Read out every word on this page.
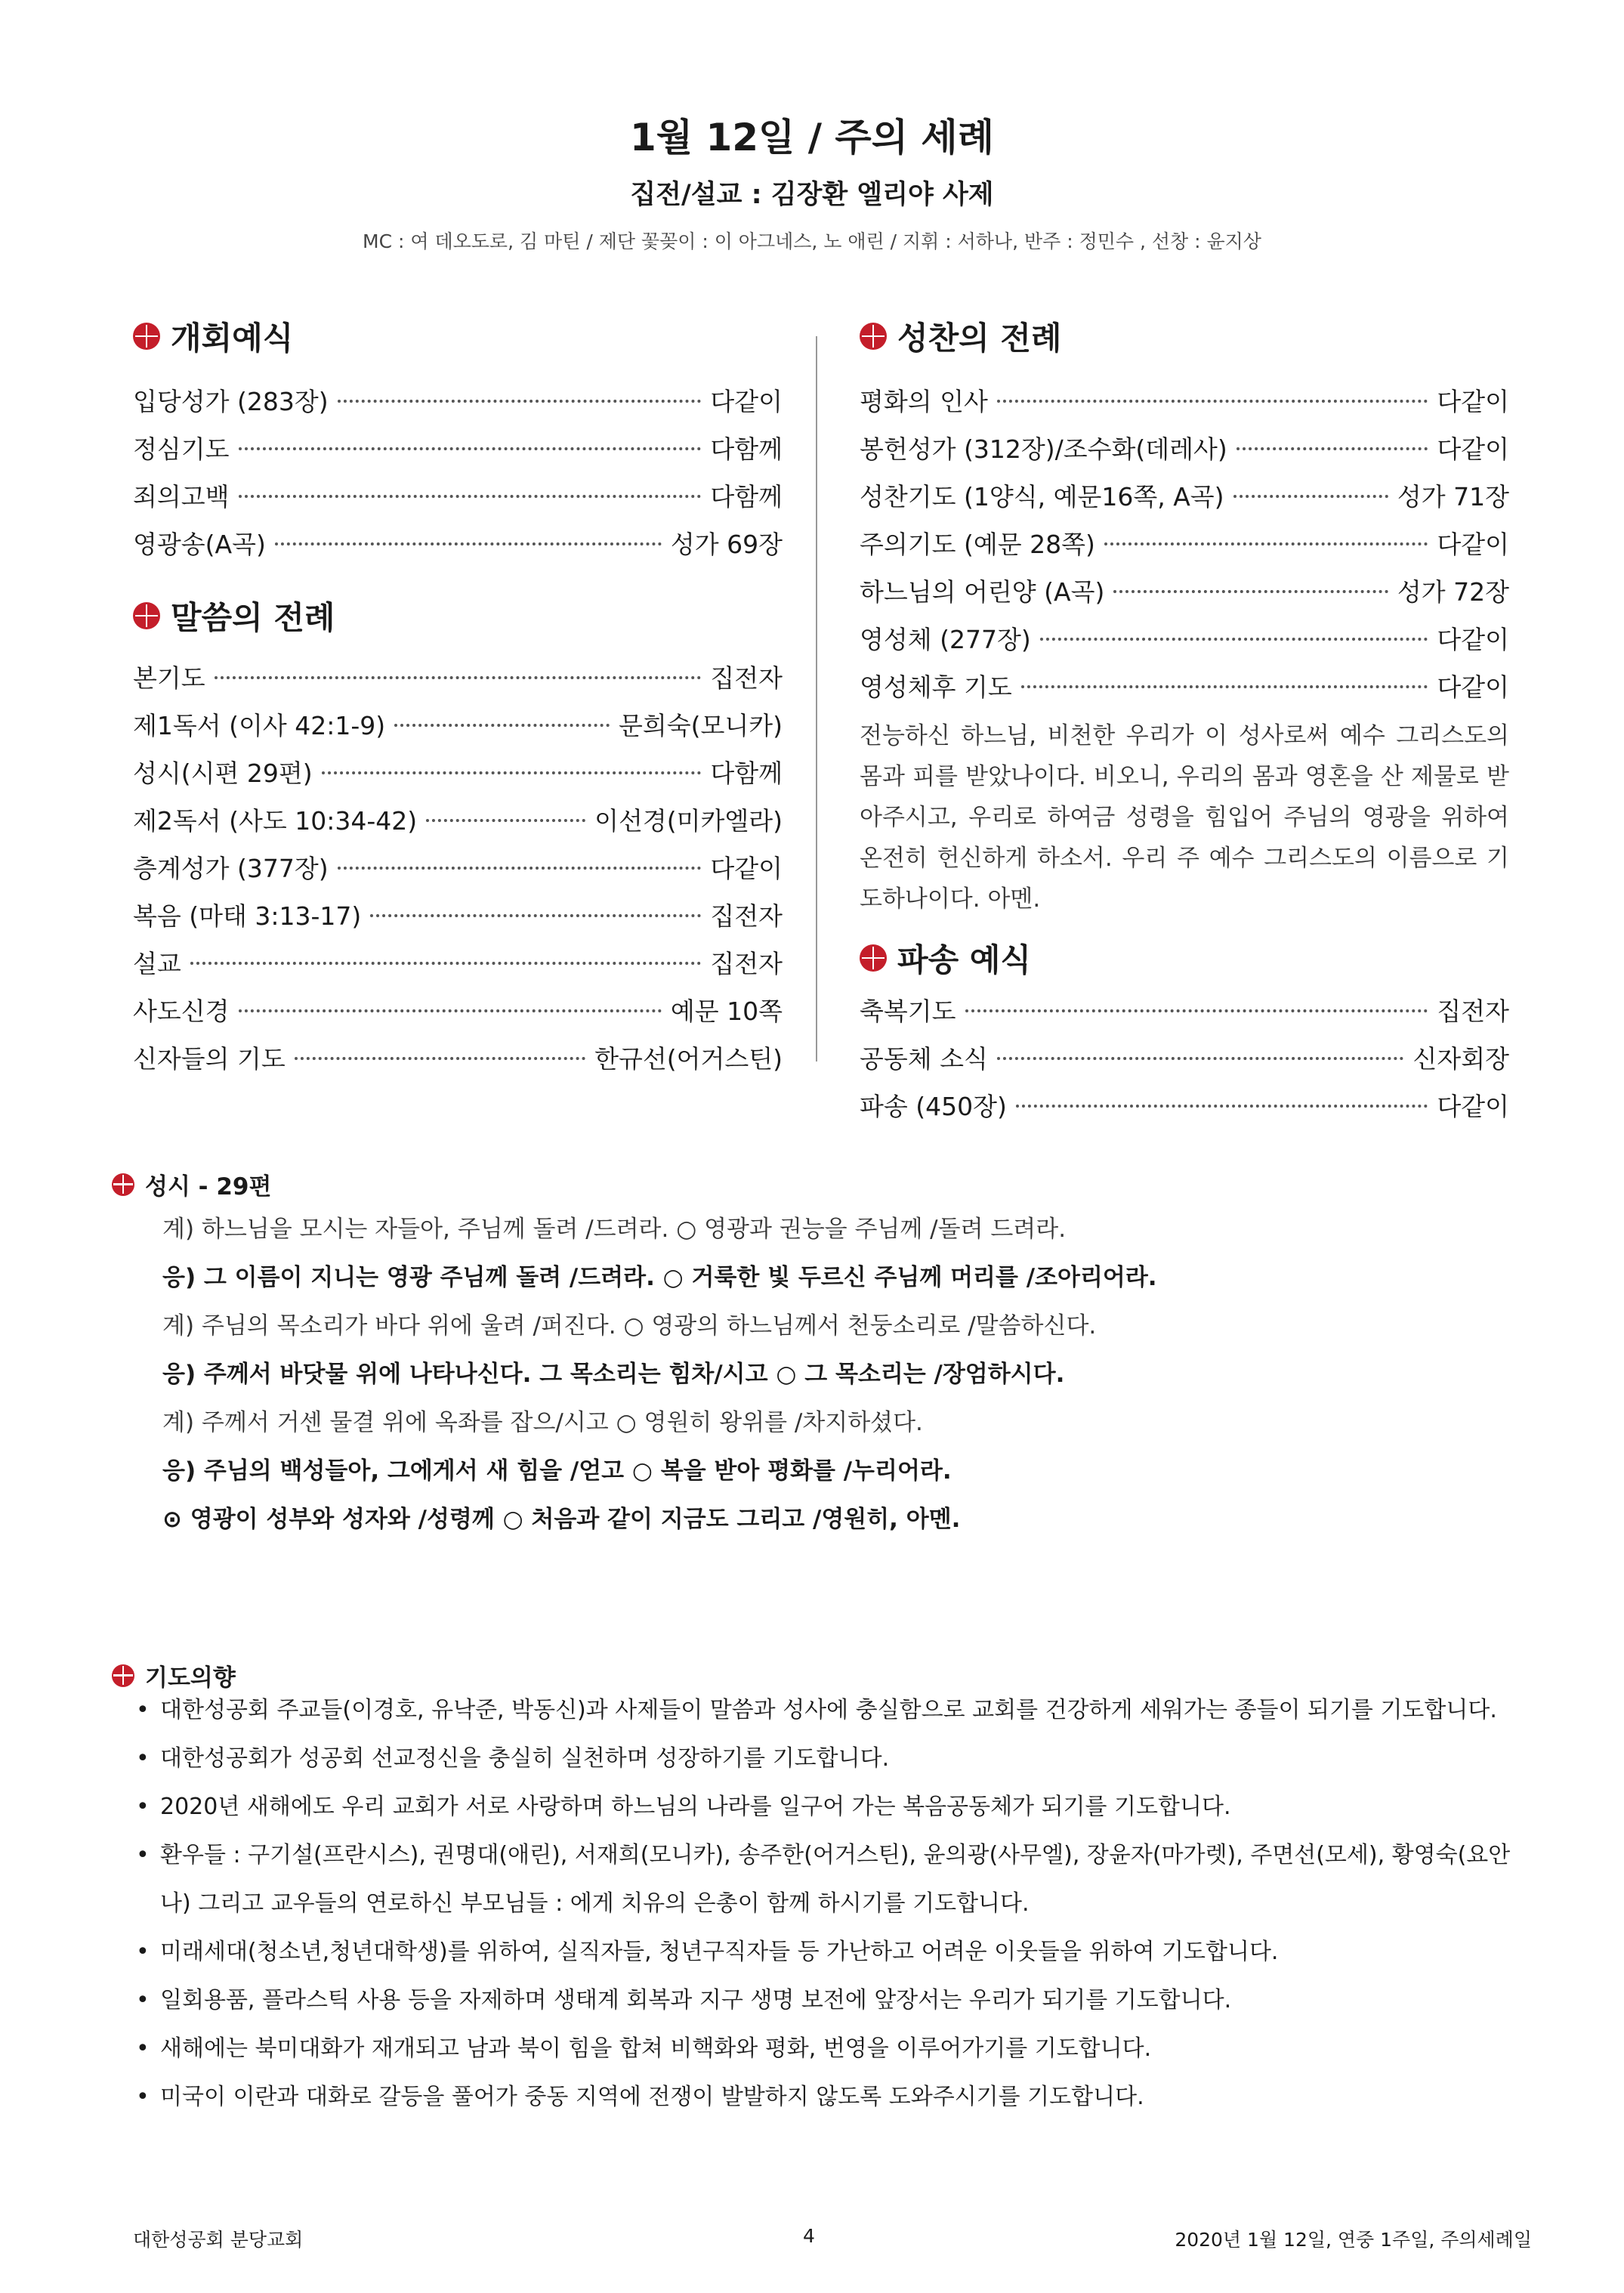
1월 12일 / 주의 세례
집전/설교 : 김장환 엘리야 사제
MC : 여 데오도로, 김 마틴 / 제단 꽃꽂이 : 이 아그네스, 노 애린 / 지휘 : 서하나, 반주 : 정민수 , 선창 : 윤지상
개회예식
입당성가 (283장)	다같이
정심기도	다함께
죄의고백	다함께
영광송(A곡)	성가 69장
말씀의 전례
본기도	집전자
제1독서 (이사 42:1-9)	문희숙(모니카)
성시(시편 29편)	다함께
제2독서 (사도 10:34-42)	이선경(미카엘라)
층계성가 (377장)	다같이
복음 (마태 3:13-17)	집전자
설교	집전자
사도신경	예문 10쪽
신자들의 기도	한규선(어거스틴)
성찬의 전례
평화의 인사	다같이
봉헌성가 (312장)/조수화(데레사)	다같이
성찬기도 (1양식, 예문16쪽, A곡)	성가 71장
주의기도 (예문 28쪽)	다같이
하느님의 어린양 (A곡)	성가 72장
영성체 (277장)	다같이
영성체후 기도	다같이
전능하신 하느님, 비천한 우리가 이 성사로써 예수 그리스도의 몸과 피를 받았나이다. 비오니, 우리의 몸과 영혼을 산 제물로 받아주시고, 우리로 하여금 성령을 힘입어 주님의 영광을 위하여 온전히 헌신하게 하소서. 우리 주 예수 그리스도의 이름으로 기도하나이다. 아멘.
파송 예식
축복기도	집전자
공동체 소식	신자회장
파송 (450장)	다같이
성시 - 29편
계) 하느님을 모시는 자들아, 주님께 돌려 /드려라. ○ 영광과 권능을 주님께 /돌려 드려라.
응) 그 이름이 지니는 영광 주님께 돌려 /드려라. ○ 거룩한 빛 두르신 주님께 머리를 /조아리어라.
계) 주님의 목소리가 바다 위에 울려 /퍼진다. ○ 영광의 하느님께서 천둥소리로 /말씀하신다.
응) 주께서 바닷물 위에 나타나신다. 그 목소리는 힘차/시고 ○ 그 목소리는 /장엄하시다.
계) 주께서 거센 물결 위에 옥좌를 잡으/시고 ○ 영원히 왕위를 /차지하셨다.
응) 주님의 백성들아, 그에게서 새 힘을 /얻고 ○ 복을 받아 평화를 /누리어라.
⊙ 영광이 성부와 성자와 /성령께 ○ 처음과 같이 지금도 그리고 /영원히, 아멘.
기도의향
• 대한성공회 주교들(이경호, 유낙준, 박동신)과 사제들이 말씀과 성사에 충실함으로 교회를 건강하게 세워가는 종들이 되기를 기도합니다.
• 대한성공회가 성공회 선교정신을 충실히 실천하며 성장하기를 기도합니다.
• 2020년 새해에도 우리 교회가 서로 사랑하며 하느님의 나라를 일구어 가는 복음공동체가 되기를 기도합니다.
• 환우들 : 구기설(프란시스), 권명대(애린), 서재희(모니카), 송주한(어거스틴), 윤의광(사무엘), 장윤자(마가렛), 주면선(모세), 황영숙(요안나) 그리고 교우들의 연로하신 부모님들 : 에게 치유의 은총이 함께 하시기를 기도합니다.
• 미래세대(청소년,청년대학생)를 위하여, 실직자들, 청년구직자들 등 가난하고 어려운 이웃들을 위하여 기도합니다.
• 일회용품, 플라스틱 사용 등을 자제하며 생태계 회복과 지구 생명 보전에 앞장서는 우리가 되기를 기도합니다.
• 새해에는 북미대화가 재개되고 남과 북이 힘을 합쳐 비핵화와 평화, 번영을 이루어가기를 기도합니다.
• 미국이 이란과 대화로 갈등을 풀어가 중동 지역에 전쟁이 발발하지 않도록 도와주시기를 기도합니다.
대한성공회 분당교회	4	2020년 1월 12일, 연중 1주일, 주의세례일
